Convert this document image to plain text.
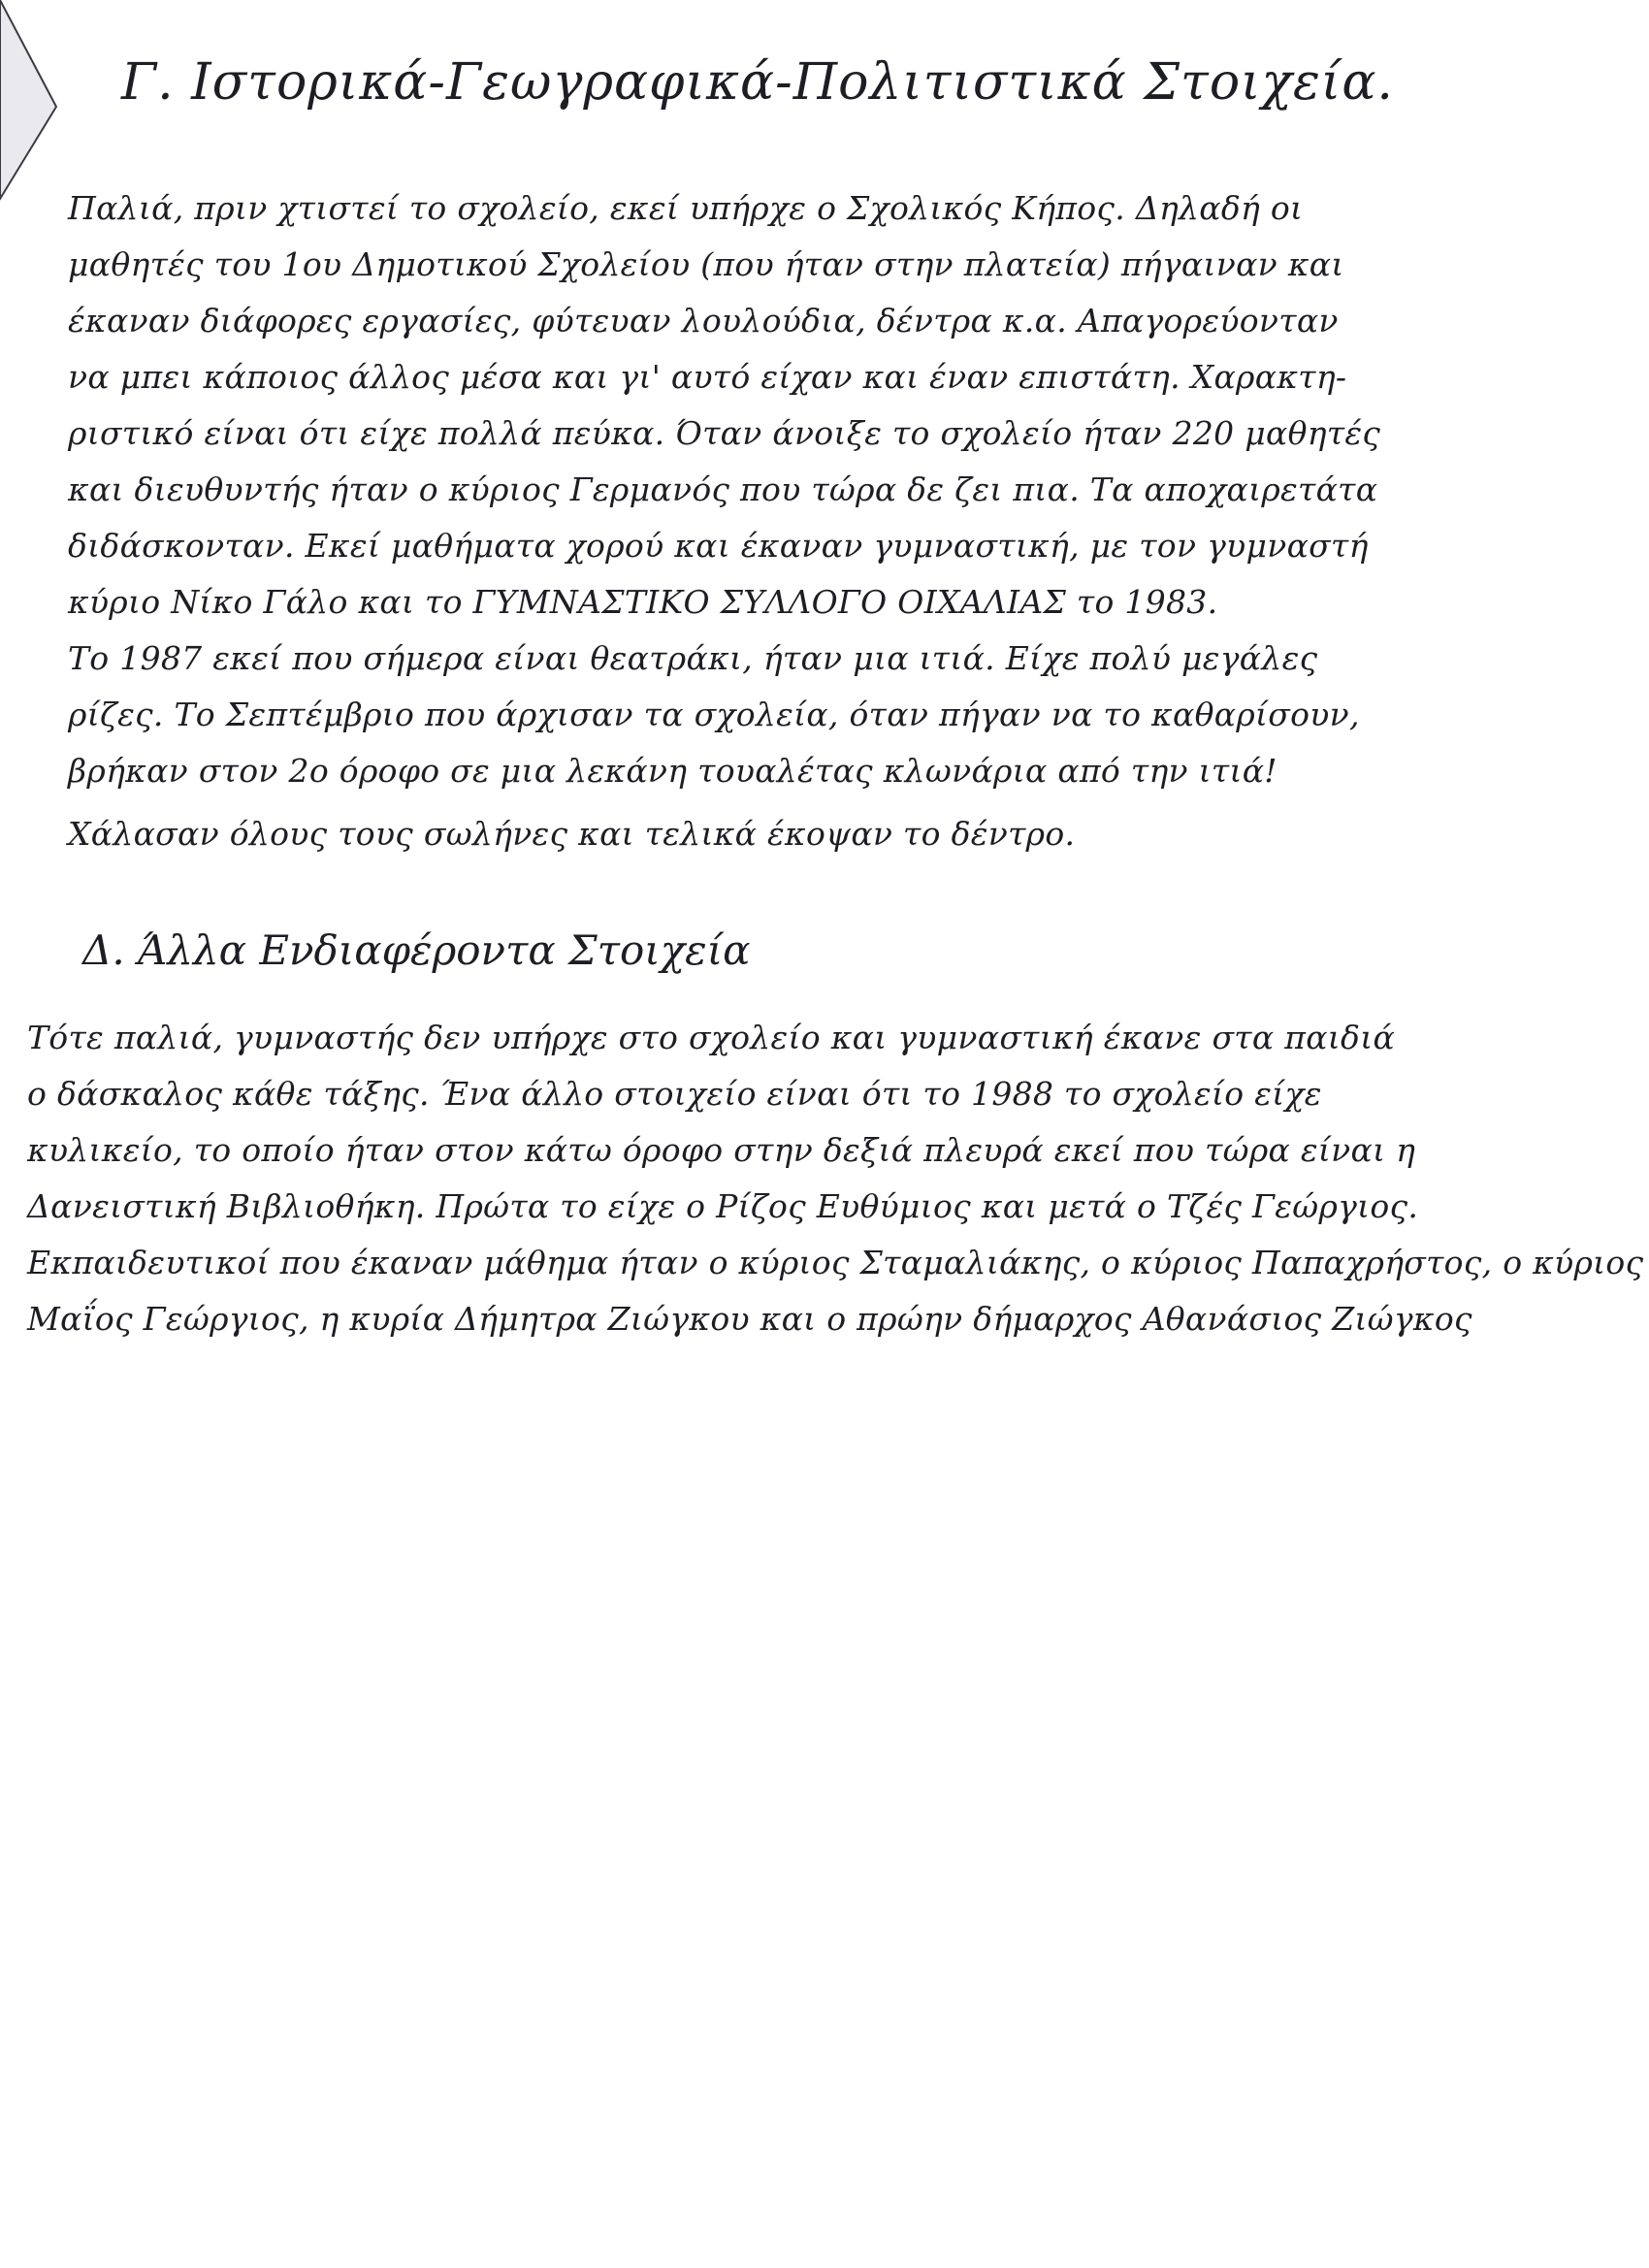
Γ. Ιστορικά-Γεωγραφικά-Πολιτιστικά Στοιχεία.
Παλιά, πριν χτιστεί το σχολείο, εκεί υπήρχε ο Σχολικός Κήπος. Δηλαδή οι
μαθητές του 1ου Δημοτικού Σχολείου (που ήταν στην πλατεία) πήγαιναν και
έκαναν διάφορες εργασίες, φύτευαν λουλούδια, δέντρα κ.α. Απαγορεύονταν
να μπει κάποιος άλλος μέσα και γι' αυτό είχαν και έναν επιστάτη. Χαρακτη-
ριστικό είναι ότι είχε πολλά πεύκα. Όταν άνοιξε το σχολείο ήταν 220 μαθητές
και διευθυντής ήταν ο κύριος Γερμανός που τώρα δε ζει πια. Τα αποχαιρετάτα
διδάσκονταν. Εκεί μαθήματα χορού και έκαναν γυμναστική, με τον γυμναστή
κύριο Νίκο Γάλο και το ΓΥΜΝΑΣΤΙΚΟ ΣΥΛΛΟΓΟ ΟΙΧΑΛΙΑΣ το 1983.
Το 1987 εκεί που σήμερα είναι θεατράκι, ήταν μια ιτιά. Είχε πολύ μεγάλες
ρίζες. Το Σεπτέμβριο που άρχισαν τα σχολεία, όταν πήγαν να το καθαρίσουν,
βρήκαν στον 2ο όροφο σε μια λεκάνη τουαλέτας κλωνάρια από την ιτιά!
Χάλασαν όλους τους σωλήνες και τελικά έκοψαν το δέντρο.
Δ. Άλλα Ενδιαφέροντα Στοιχεία
Τότε παλιά, γυμναστής δεν υπήρχε στο σχολείο και γυμναστική έκανε στα παιδιά
ο δάσκαλος κάθε τάξης. Ένα άλλο στοιχείο είναι ότι το 1988 το σχολείο είχε
κυλικείο, το οποίο ήταν στον κάτω όροφο στην δεξιά πλευρά εκεί που τώρα είναι η
Δανειστική Βιβλιοθήκη. Πρώτα το είχε ο Ρίζος Ευθύμιος και μετά ο Τζές Γεώργιος.
Εκπαιδευτικοί που έκαναν μάθημα ήταν ο κύριος Σταμαλιάκης, ο κύριος Παπαχρήστος, ο κύριος
Μαΐος Γεώργιος, η κυρία Δήμητρα Ζιώγκου και ο πρώην δήμαρχος Αθανάσιος Ζιώγκος
